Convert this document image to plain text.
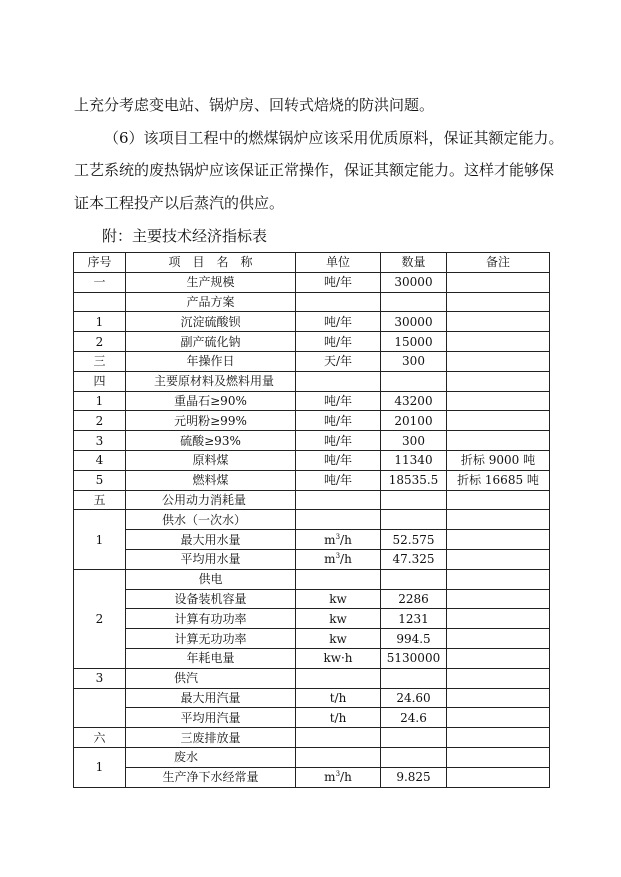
上充分考虑变电站、锅炉房、回转式焙烧的防洪问题。
（6）该项目工程中的燃煤锅炉应该采用优质原料，保证其额定能力。
工艺系统的废热锅炉应该保证正常操作，保证其额定能力。这样才能够保
证本工程投产以后蒸汽的供应。
附：主要技术经济指标表
序号	项　目　名　称	单位	数量	备注
一	生产规模	吨/年	30000	
	产品方案			
1	沉淀硫酸钡	吨/年	30000	
2	副产硫化钠	吨/年	15000	
三	年操作日	天/年	300	
四	主要原材料及燃料用量			
1	重晶石≥90%	吨/年	43200	
2	元明粉≥99%	吨/年	20100	
3	硫酸≥93%	吨/年	300	
4	原料煤	吨/年	11340	折标 9000 吨
5	燃料煤	吨/年	18535.5	折标 16685 吨
五	公用动力消耗量			
1	供水（一次水）			
	最大用水量	$m^3/h$	52.575	
	平均用水量	$m^3/h$	47.325	
2	供电			
	设备装机容量	kw	2286	
	计算有功功率	kw	1231	
	计算无功功率	kw	994.5	
	年耗电量	kw·h	5130000	
3	供汽			
	最大用汽量	t/h	24.60	
	平均用汽量	t/h	24.6	
六	三废排放量			
1	废水			
	生产净下水经常量	$m^3/h$	9.825	
